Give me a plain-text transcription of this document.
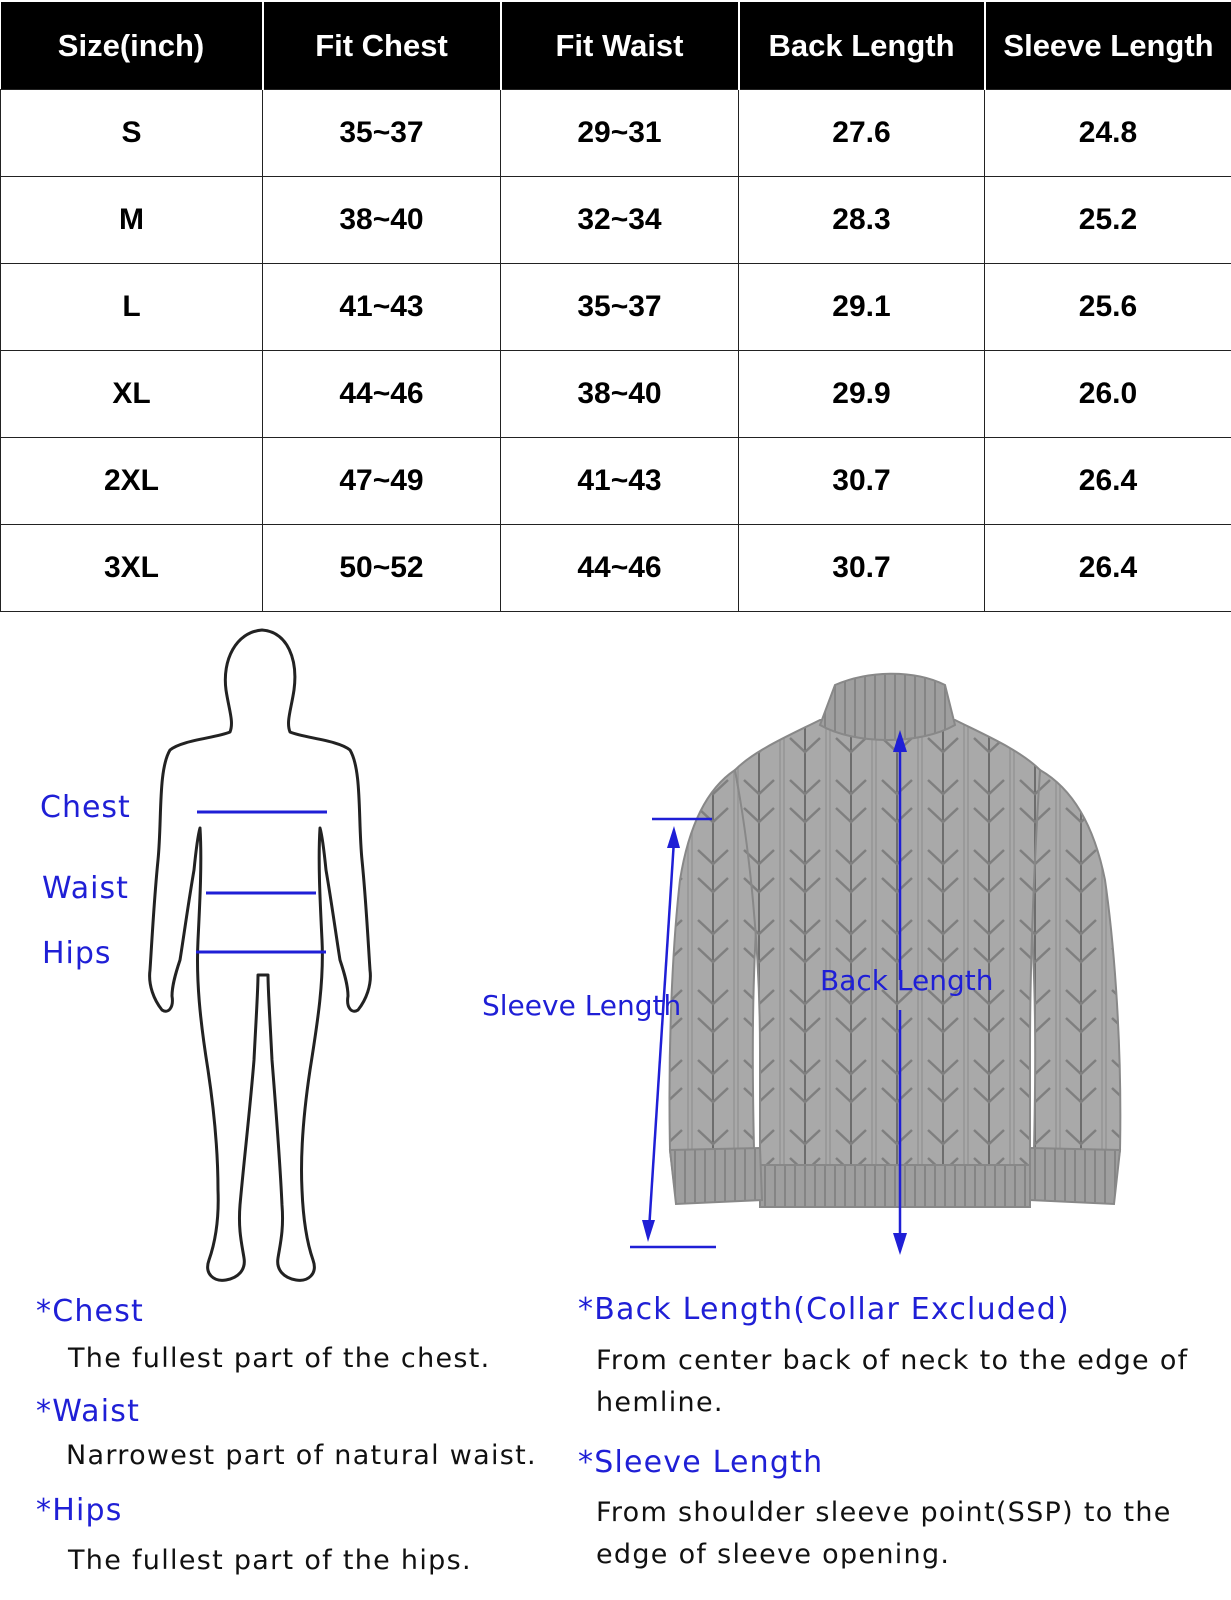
Size(inch)	Fit Chest	Fit Waist	Back Length	Sleeve Length
S	35~37	29~31	27.6	24.8
M	38~40	32~34	28.3	25.2
L	41~43	35~37	29.1	25.6
XL	44~46	38~40	29.9	26.0
2XL	47~49	41~43	30.7	26.4
3XL	50~52	44~46	30.7	26.4
Chest
Waist
Hips
Sleeve Length
Back Length
*Chest
The fullest part of the chest.
*Waist
Narrowest part of natural waist.
*Hips
The fullest part of the hips.
*Back Length(Collar Excluded)
From center back of neck to the edge of hemline.
*Sleeve Length
From shoulder sleeve point(SSP) to the edge of sleeve opening.
